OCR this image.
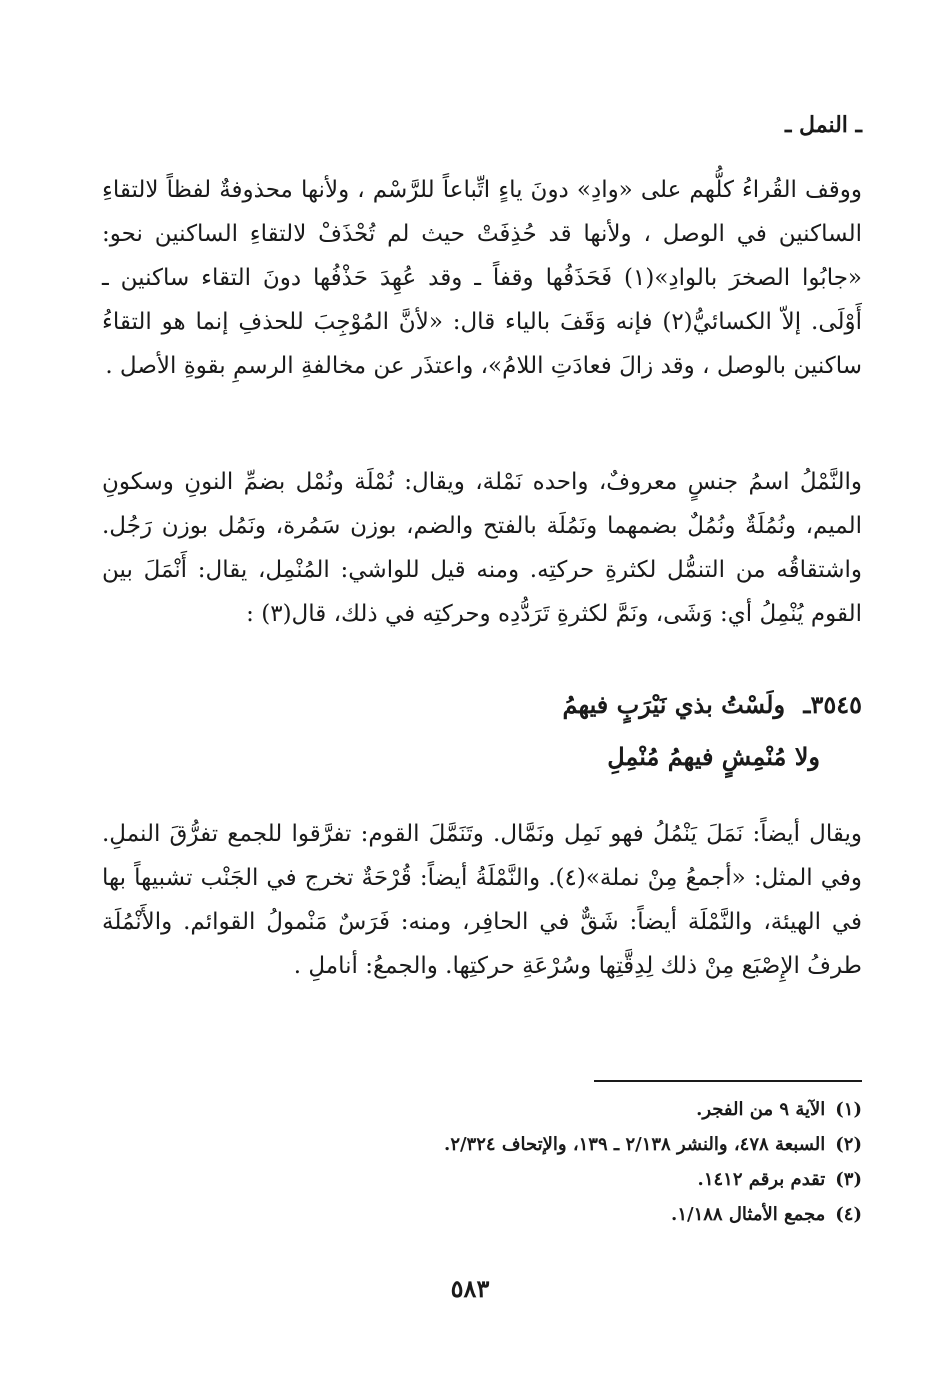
ـ النمل ـ

ووقف القُراءُ كلُّهم على «وادِ» دونَ ياءٍ اتِّباعاً للرَّسْم ، ولأنها محذوفةٌ لفظاً لالتقاءِ الساكنين في الوصل ، ولأنها قد حُذِفَتْ حيث لم تُحْذَفْ لالتقاءِ الساكنين نحو: «جابُوا الصخرَ بالوادِ»(١) فَحَذَفُها وقفاً ـ وقد عُهِدَ حَذْفُها دونَ التقاء ساكنين ـ أَوْلَى. إلاّ الكسائيُّ(٢) فإنه وَقَفَ بالياء قال: «لأنَّ المُوْجِبَ للحذفِ إنما هو التقاءُ ساكنين بالوصل ، وقد زالَ فعادَتِ اللامُ»، واعتذَر عن مخالفةِ الرسمِ بقوةِ الأصل .

والنَّمْلُ اسمُ جنسٍ معروفٌ، واحده نَمْلة، ويقال: نُمْلَة ونُمْل بضمِّ النونِ وسكونِ الميم، ونُمُلَةٌ ونُمُلٌ بضمهما ونَمُلَة بالفتح والضم، بوزن سَمُرة، ونَمُل بوزن رَجُل. واشتقاقُه من التنمُّل لكثرةِ حركتِه. ومنه قيل للواشي: المُنْمِل، يقال: أَنْمَلَ بين القوم يُنْمِلُ أي: وَشَى، ونَمَّ لكثرةِ تَرَدُّدِه وحركتِه في ذلك، قال(٣) :

٣٥٤٥ـ ولَسْتُ بذي نَيْرَبٍ فيهمُ
ولا مُنْمِشٍ فيهمُ مُنْمِلِ

ويقال أيضاً: نَمَلَ يَنْمُلُ فهو نَمِل ونَمَّال. وتَنَمَّلَ القوم: تفرَّقوا للجمع تفرُّقَ النملِ. وفي المثل: «أجمعُ مِنْ نملة»(٤). والنَّمْلَةُ أيضاً: قُرْحَةٌ تخرج في الجَنْب تشبيهاً بها في الهيئة، والنَّمْلَة أيضاً: شَقٌّ في الحافِر، ومنه: فَرَسٌ مَنْمولُ القوائم. والأَنْمُلَة طرفُ الإِصْبَع مِنْ ذلك لِدِقَّتِها وسُرْعَةِ حركتِها. والجمعُ: أناملِ .

(١)الآية ٩ من الفجر.

(٢)السبعة ٤٧٨، والنشر ٢/١٣٨ ـ ١٣٩، والإتحاف ٢/٣٢٤.

(٣)تقدم برقم ١٤١٢.

(٤)مجمع الأمثال ١/١٨٨.

٥٨٣
